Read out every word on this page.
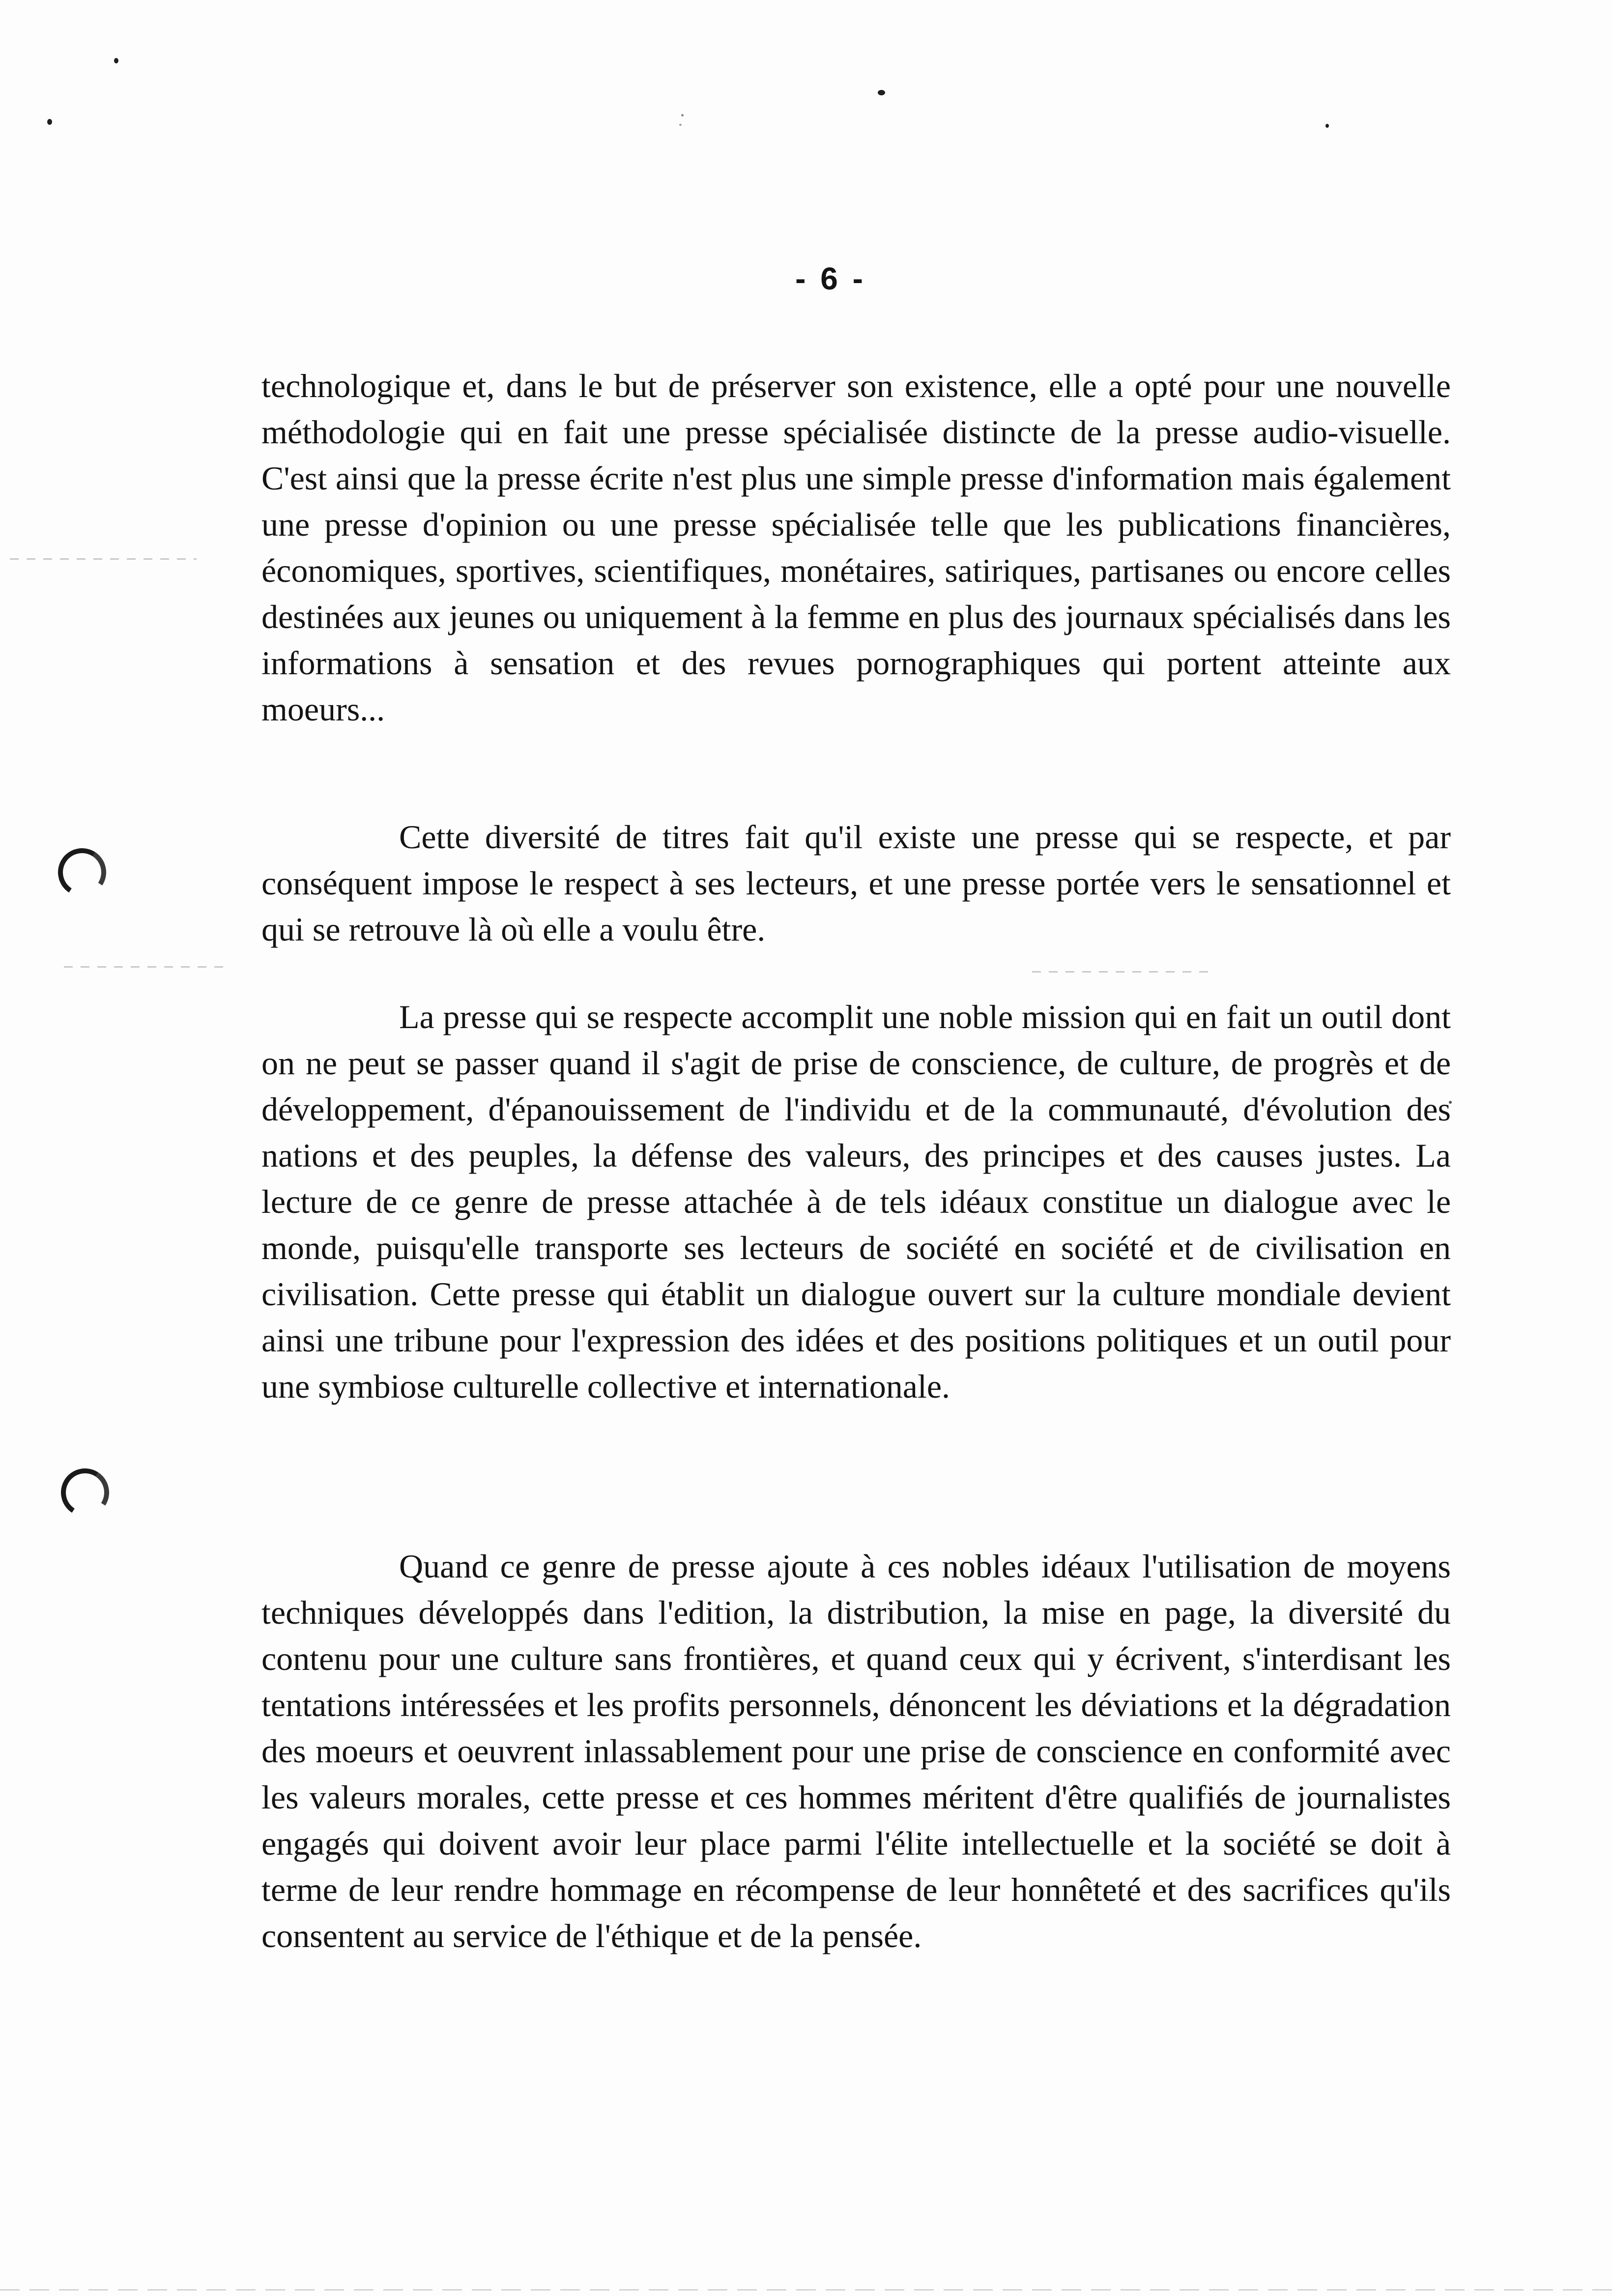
- 6 -

technologique et, dans le but de préserver son existence, elle a opté pour une nouvelle méthodologie qui en fait une presse spécialisée distincte de la presse audio-visuelle. C'est ainsi que la presse écrite n'est plus une simple presse d'information mais également une presse d'opinion ou une presse spécialisée telle que les publications financières, économiques, sportives, scientifiques, monétaires, satiriques, partisanes ou encore celles destinées aux jeunes ou uniquement à la femme en plus des journaux spécialisés dans les informations à sensation et des revues pornographiques qui portent atteinte aux moeurs...

Cette diversité de titres fait qu'il existe une presse qui se respecte, et par conséquent impose le respect à ses lecteurs, et une presse portée vers le sensationnel et qui se retrouve là où elle a voulu être.

La presse qui se respecte accomplit une noble mission qui en fait un outil dont on ne peut se passer quand il s'agit de prise de conscience, de culture, de progrès et de développement, d'épanouissement de l'individu et de la communauté, d'évolution des nations et des peuples, la défense des valeurs, des principes et des causes justes. La lecture de ce genre de presse attachée à de tels idéaux constitue un dialogue avec le monde, puisqu'elle transporte ses lecteurs de société en société et de civilisation en civilisation. Cette presse qui établit un dialogue ouvert sur la culture mondiale devient ainsi une tribune pour l'expression des idées et des positions politiques et un outil pour une symbiose culturelle collective et internationale.

Quand ce genre de presse ajoute à ces nobles idéaux l'utilisation de moyens techniques développés dans l'edition, la distribution, la mise en page, la diversité du contenu pour une culture sans frontières, et quand ceux qui y écrivent, s'interdisant les tentations intéressées et les profits personnels, dénoncent les déviations et la dégradation des moeurs et oeuvrent inlassablement pour une prise de conscience en conformité avec les valeurs morales, cette presse et ces hommes méritent d'être qualifiés de journalistes engagés qui doivent avoir leur place parmi l'élite intellectuelle et la société se doit à terme de leur rendre hommage en récompense de leur honnêteté et des sacrifices qu'ils consentent au service de l'éthique et de la pensée.
